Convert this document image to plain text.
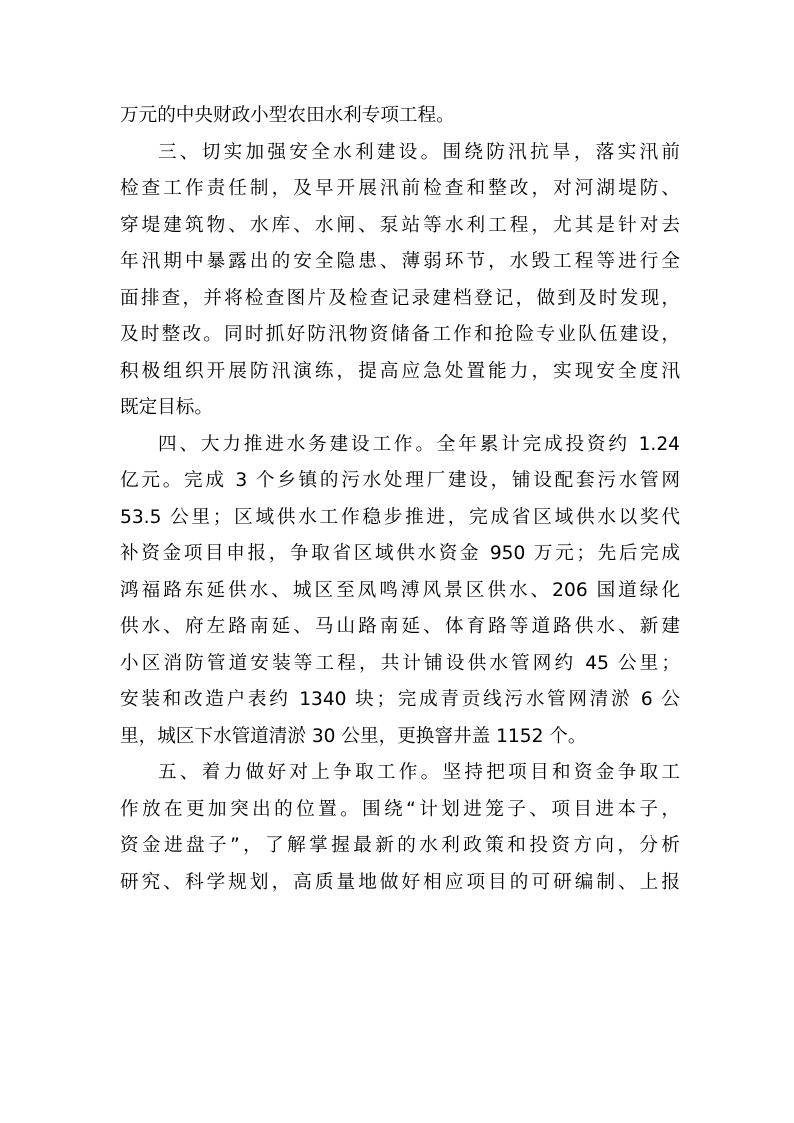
万元的中央财政小型农田水利专项工程。
三、切实加强安全水利建设。围绕防汛抗旱，落实汛前
检查工作责任制，及早开展汛前检查和整改，对河湖堤防、
穿堤建筑物、水库、水闸、泵站等水利工程，尤其是针对去
年汛期中暴露出的安全隐患、薄弱环节，水毁工程等进行全
面排查，并将检查图片及检查记录建档登记，做到及时发现，
及时整改。同时抓好防汛物资储备工作和抢险专业队伍建设，
积极组织开展防汛演练，提高应急处置能力，实现安全度汛
既定目标。
四、大力推进水务建设工作。全年累计完成投资约 1.24
亿元。完成 3 个乡镇的污水处理厂建设，铺设配套污水管网
53.5 公里；区域供水工作稳步推进，完成省区域供水以奖代
补资金项目申报，争取省区域供水资金 950 万元；先后完成
鸿福路东延供水、城区至凤鸣溥风景区供水、206 国道绿化
供水、府左路南延、马山路南延、体育路等道路供水、新建
小区消防管道安装等工程，共计铺设供水管网约 45 公里；
安装和改造户表约 1340 块；完成青贡线污水管网清淤 6 公
里，城区下水管道清淤 30 公里，更换窨井盖 1152 个。
五、着力做好对上争取工作。坚持把项目和资金争取工
作放在更加突出的位置。围绕“计划进笼子、项目进本子，
资金进盘子”，了解掌握最新的水利政策和投资方向，分析
研究、科学规划，高质量地做好相应项目的可研编制、上报
